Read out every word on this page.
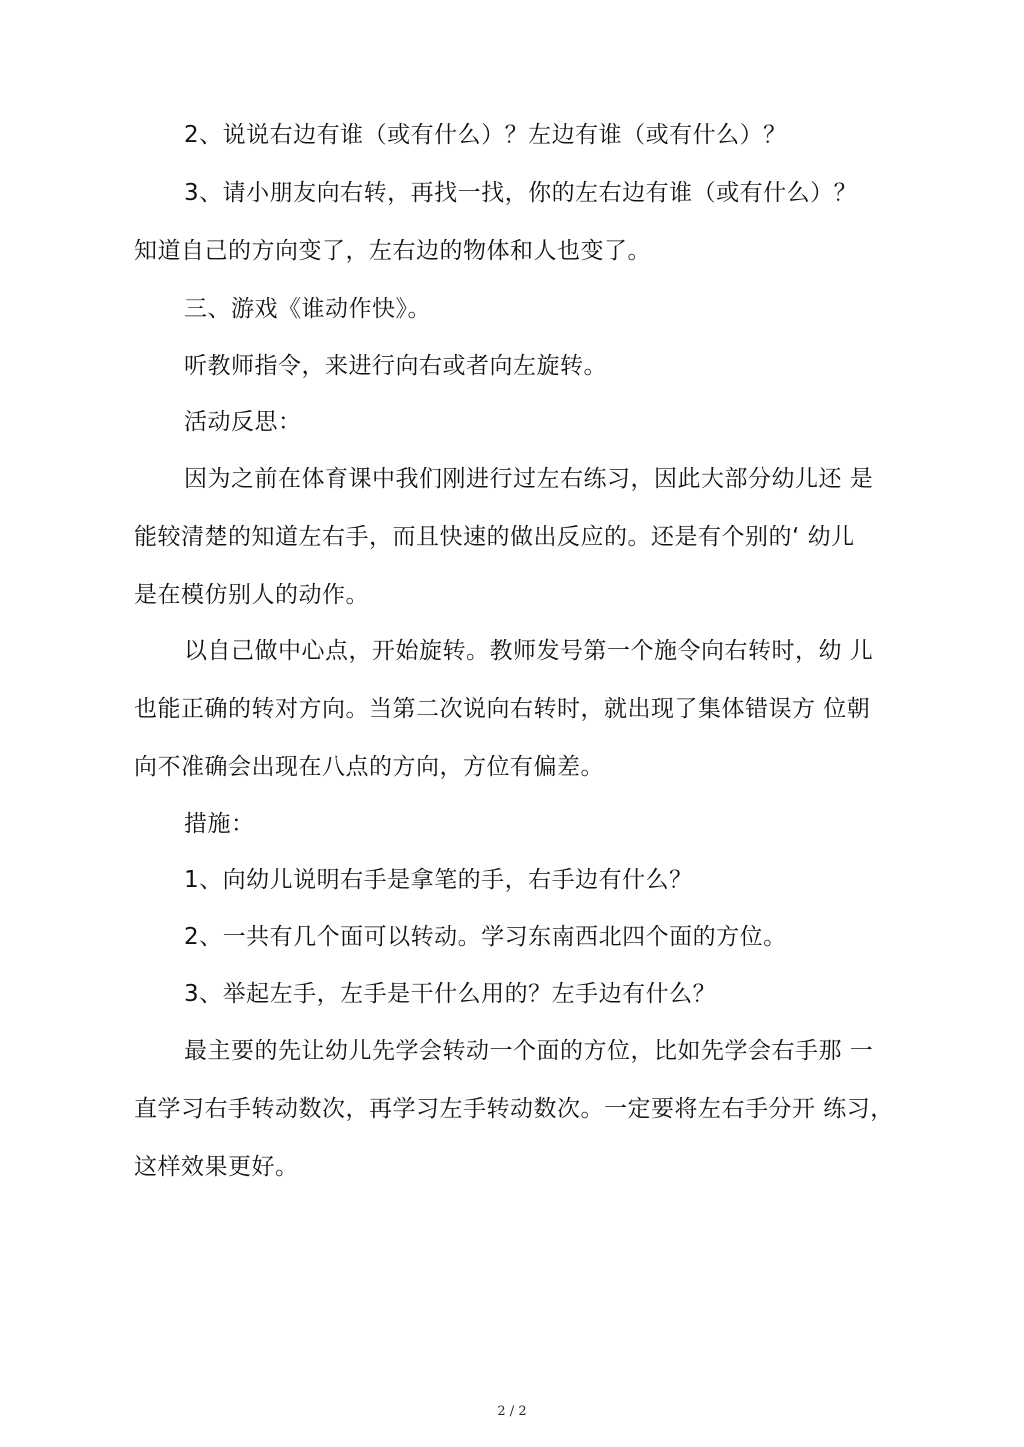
2、说说右边有谁（或有什么）？左边有谁（或有什么）？

3、请小朋友向右转，再找一找，你的左右边有谁（或有什么）？
知道自己的方向变了，左右边的物体和人也变了。

三、游戏《谁动作快》。

听教师指令，来进行向右或者向左旋转。

活动反思：

因为之前在体育课中我们刚进行过左右练习，因此大部分幼儿还 是
能较清楚的知道左右手，而且快速的做出反应的。还是有个别的‘ 幼儿
是在模仿别人的动作。

以自己做中心点，开始旋转。教师发号第一个施令向右转时，幼 儿
也能正确的转对方向。当第二次说向右转时，就出现了集体错误方 位朝
向不准确会出现在八点的方向，方位有偏差。

措施：

1、向幼儿说明右手是拿笔的手，右手边有什么？

2、一共有几个面可以转动。学习东南西北四个面的方位。

3、举起左手，左手是干什么用的？左手边有什么？

最主要的先让幼儿先学会转动一个面的方位，比如先学会右手那 一
直学习右手转动数次，再学习左手转动数次。一定要将左右手分开 练习，
这样效果更好。

2 / 2
